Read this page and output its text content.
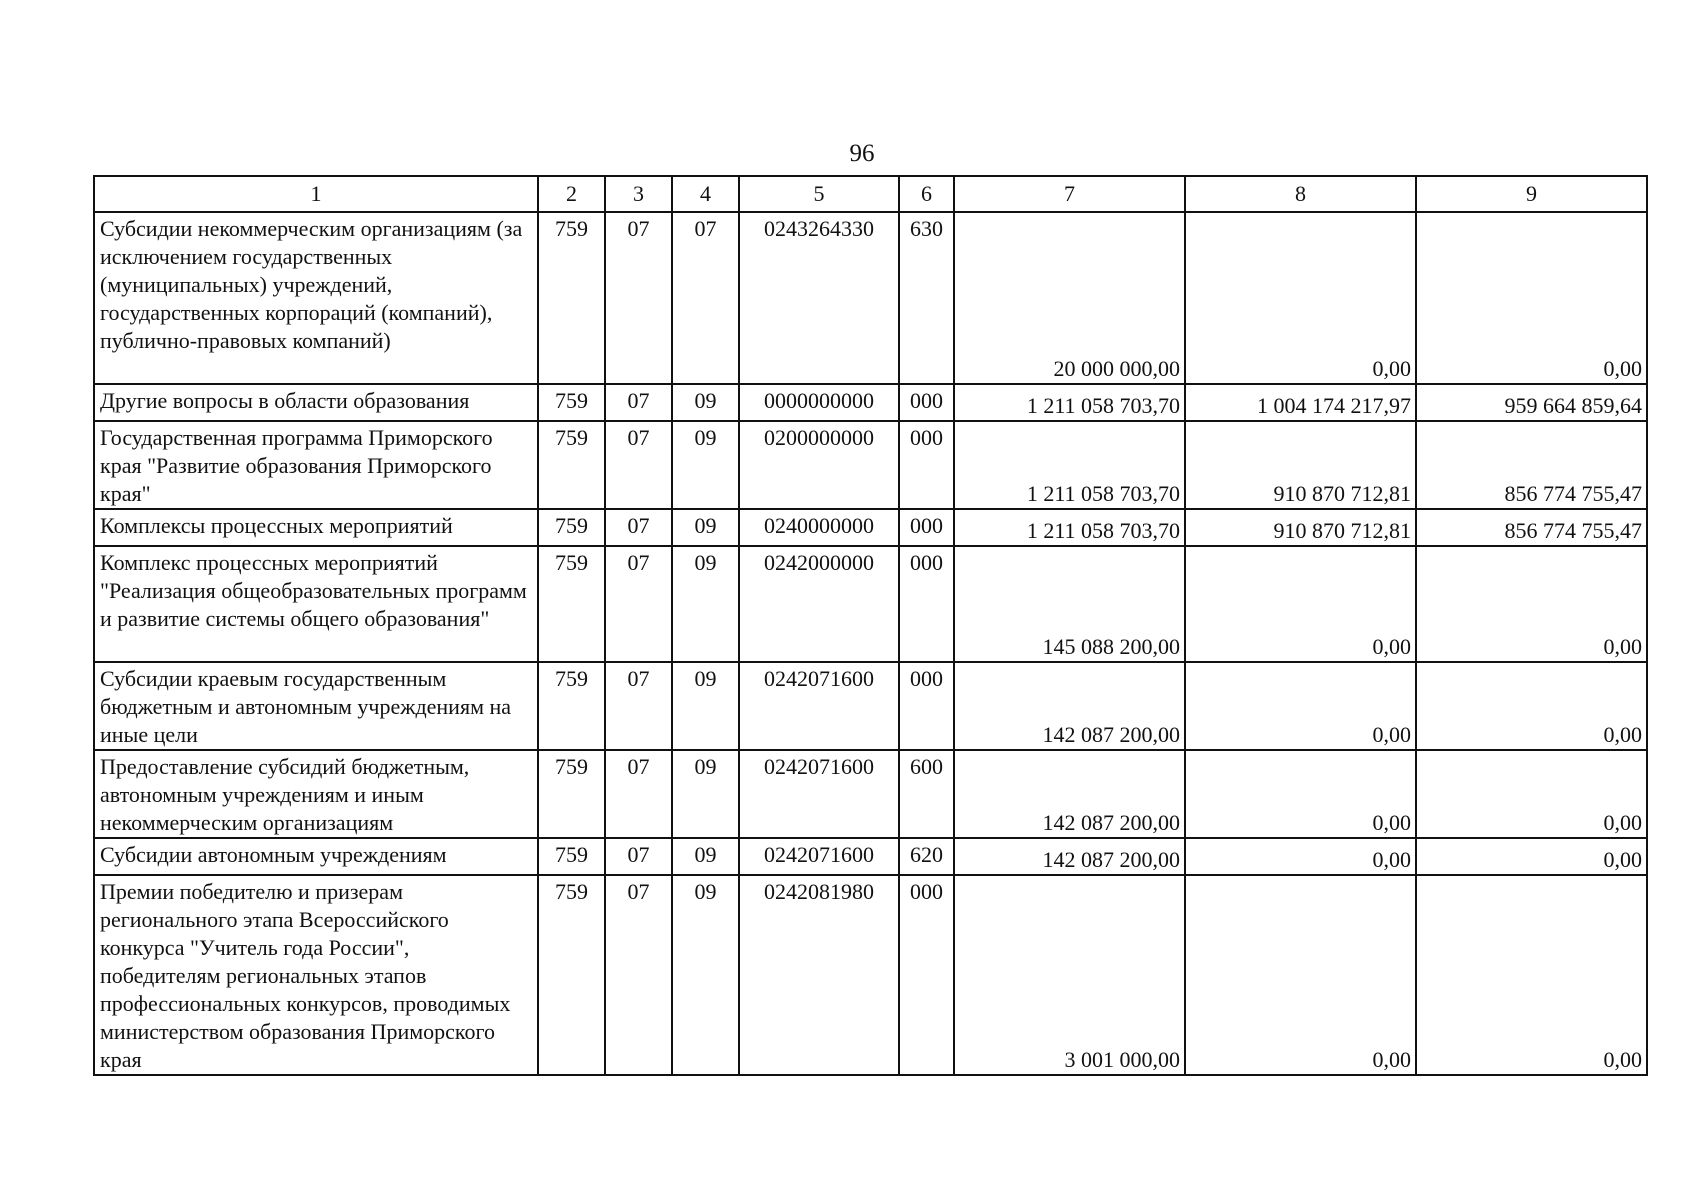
96
1	2	3	4	5	6	7	8	9
Субсидии некоммерческим организациям (за исключением государственных (муниципальных) учреждений, государственных корпораций (компаний), публично-правовых компаний)	759	07	07	0243264330	630	20 000 000,00	0,00	0,00
Другие вопросы в области образования	759	07	09	0000000000	000	1 211 058 703,70	1 004 174 217,97	959 664 859,64
Государственная программа Приморского края "Развитие образования Приморского края"	759	07	09	0200000000	000	1 211 058 703,70	910 870 712,81	856 774 755,47
Комплексы процессных мероприятий	759	07	09	0240000000	000	1 211 058 703,70	910 870 712,81	856 774 755,47
Комплекс процессных мероприятий "Реализация общеобразовательных программ и развитие системы общего образования"	759	07	09	0242000000	000	145 088 200,00	0,00	0,00
Субсидии краевым государственным бюджетным и автономным учреждениям на иные цели	759	07	09	0242071600	000	142 087 200,00	0,00	0,00
Предоставление субсидий бюджетным, автономным учреждениям и иным некоммерческим организациям	759	07	09	0242071600	600	142 087 200,00	0,00	0,00
Субсидии автономным учреждениям	759	07	09	0242071600	620	142 087 200,00	0,00	0,00
Премии победителю и призерам регионального этапа Всероссийского конкурса "Учитель года России", победителям региональных этапов профессиональных конкурсов, проводимых министерством образования Приморского края	759	07	09	0242081980	000	3 001 000,00	0,00	0,00
